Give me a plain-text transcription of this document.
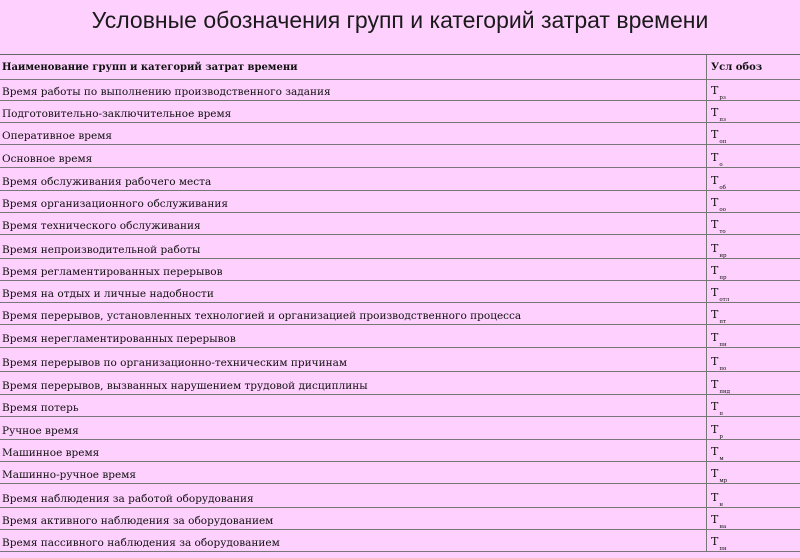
Условные обозначения групп и категорий затрат времени
Наименование групп и категорий затрат времени	Усл обоз
Время работы по выполнению производственного задания	$Т_{рз}$
Подготовительно-заключительное время	$Т_{пз}$
Оперативное время	$Т_{оп}$
Основное время	$Т_о$
Время обслуживания рабочего места	$Т_{об}$
Время организационного обслуживания	$Т_{оо}$
Время технического обслуживания	$Т_{то}$
Время непроизводительной работы	$Т_{нр}$
Время регламентированных перерывов	$Т_{пр}$
Время на отдых и личные надобности	$Т_{отл}$
Время перерывов, установленных технологией и организацией производственного процесса	$Т_{пт}$
Время нерегламентированных перерывов	$Т_{пн}$
Время перерывов по организационно-техническим причинам	$Т_{по}$
Время перерывов, вызванных нарушением трудовой дисциплины	$Т_{пнд}$
Время потерь	$Т_п$
Ручное время	$Т_р$
Машинное время	$Т_м$
Машинно-ручное время	$Т_{мр}$
Время наблюдения за работой оборудования	$Т_н$
Время активного наблюдения за оборудованием	$Т_{на}$
Время пассивного наблюдения за оборудованием	$Т_{пн}$
